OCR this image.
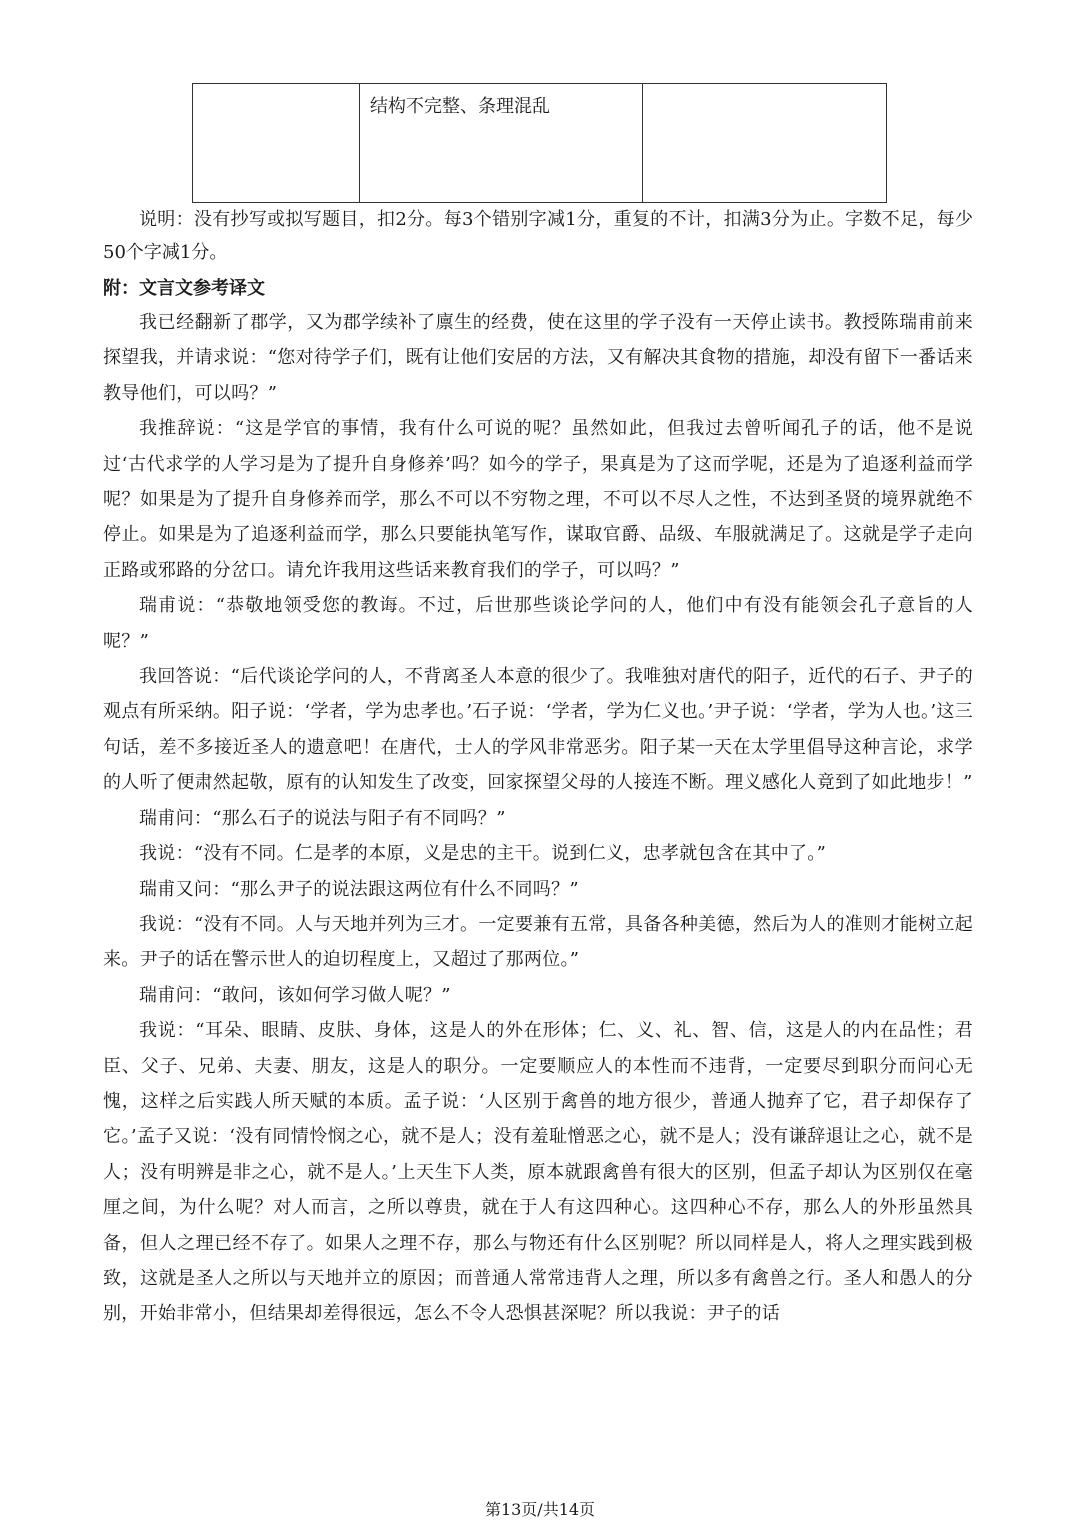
	结构不完整、条理混乱	

说明：没有抄写或拟写题目，扣2分。每3个错别字减1分，重复的不计，扣满3分为止。字数不足，每少50个字减1分。

附：文言文参考译文

我已经翻新了郡学，又为郡学续补了廪生的经费，使在这里的学子没有一天停止读书。教授陈瑞甫前来探望我，并请求说：“您对待学子们，既有让他们安居的方法，又有解决其食物的措施，却没有留下一番话来教导他们，可以吗？”

我推辞说：“这是学官的事情，我有什么可说的呢？虽然如此，但我过去曾听闻孔子的话，他不是说过‘古代求学的人学习是为了提升自身修养’吗？如今的学子，果真是为了这而学呢，还是为了追逐利益而学呢？如果是为了提升自身修养而学，那么不可以不穷物之理，不可以不尽人之性，不达到圣贤的境界就绝不停止。如果是为了追逐利益而学，那么只要能执笔写作，谋取官爵、品级、车服就满足了。这就是学子走向正路或邪路的分岔口。请允许我用这些话来教育我们的学子，可以吗？”

瑞甫说：“恭敬地领受您的教诲。不过，后世那些谈论学问的人，他们中有没有能领会孔子意旨的人呢？”

我回答说：“后代谈论学问的人，不背离圣人本意的很少了。我唯独对唐代的阳子，近代的石子、尹子的观点有所采纳。阳子说：‘学者，学为忠孝也。’石子说：‘学者，学为仁义也。’尹子说：‘学者，学为人也。’这三句话，差不多接近圣人的遗意吧！在唐代，士人的学风非常恶劣。阳子某一天在太学里倡导这种言论，求学的人听了便肃然起敬，原有的认知发生了改变，回家探望父母的人接连不断。理义感化人竟到了如此地步！”

瑞甫问：“那么石子的说法与阳子有不同吗？”

我说：“没有不同。仁是孝的本原，义是忠的主干。说到仁义，忠孝就包含在其中了。”

瑞甫又问：“那么尹子的说法跟这两位有什么不同吗？”

我说：“没有不同。人与天地并列为三才。一定要兼有五常，具备各种美德，然后为人的准则才能树立起来。尹子的话在警示世人的迫切程度上，又超过了那两位。”

瑞甫问：“敢问，该如何学习做人呢？”

我说：“耳朵、眼睛、皮肤、身体，这是人的外在形体；仁、义、礼、智、信，这是人的内在品性；君臣、父子、兄弟、夫妻、朋友，这是人的职分。一定要顺应人的本性而不违背，一定要尽到职分而问心无愧，这样之后实践人所天赋的本质。孟子说：‘人区别于禽兽的地方很少，普通人抛弃了它，君子却保存了它。’孟子又说：‘没有同情怜悯之心，就不是人；没有羞耻憎恶之心，就不是人；没有谦辞退让之心，就不是人；没有明辨是非之心，就不是人。’上天生下人类，原本就跟禽兽有很大的区别，但孟子却认为区别仅在毫厘之间，为什么呢？对人而言，之所以尊贵，就在于人有这四种心。这四种心不存，那么人的外形虽然具备，但人之理已经不存了。如果人之理不存，那么与物还有什么区别呢？所以同样是人，将人之理实践到极致，这就是圣人之所以与天地并立的原因；而普通人常常违背人之理，所以多有禽兽之行。圣人和愚人的分别，开始非常小，但结果却差得很远，怎么不令人恐惧甚深呢？所以我说：尹子的话

第13页/共14页
